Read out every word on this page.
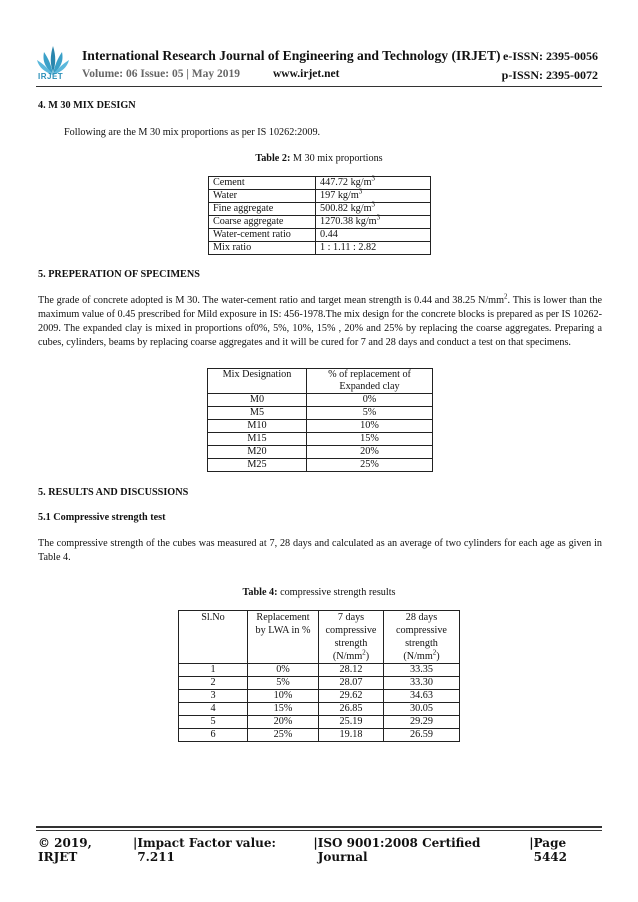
IRJET
International Research Journal of Engineering and Technology (IRJET) e-ISSN: 2395-0056
Volume: 06 Issue: 05 | May 2019	www.irjet.net	p-ISSN: 2395-0072
4. M 30 MIX DESIGN
Following are the M 30 mix proportions as per IS 10262:2009.
Table 2: M 30 mix proportions
Cement	447.72 $kg/m^3$
Water	197 $kg/m^3$
Fine aggregate	500.82 $kg/m^3$
Coarse aggregate	1270.38 $kg/m^3$
Water-cement ratio	0.44
Mix ratio	1 : 1.11 : 2.82
5. PREPERATION OF SPECIMENS
The grade of concrete adopted is M 30. The water-cement ratio and target mean strength is 0.44 and 38.25 $N/mm^2$. This is lower than the maximum value of 0.45 prescribed for Mild exposure in IS: 456-1978.The mix design for the concrete blocks is prepared as per IS 10262-2009. The expanded clay is mixed in proportions of0%, 5%, 10%, 15% , 20% and 25% by replacing the coarse aggregates. Preparing a cubes, cylinders, beams by replacing coarse aggregates and it will be cured for 7 and 28 days and conduct a test on that specimens.
Mix Designation	% of replacement of Expanded clay
M0	0%
M5	5%
M10	10%
M15	15%
M20	20%
M25	25%
5. RESULTS AND DISCUSSIONS
5.1 Compressive strength test
The compressive strength of the cubes was measured at 7, 28 days and calculated as an average of two cylinders for each age as given in Table 4.
Table 4: compressive strength results
Sl.No	Replacement by LWA in %	7 days compressive strength $(N/mm^2)$	28 days compressive strength $(N/mm^2)$
1	0%	28.12	33.35
2	5%	28.07	33.30
3	10%	29.62	34.63
4	15%	26.85	30.05
5	20%	25.19	29.29
6	25%	19.18	26.59
© 2019, IRJET
| Impact Factor value: 7.211
| ISO 9001:2008 Certified Journal
| Page 5442
